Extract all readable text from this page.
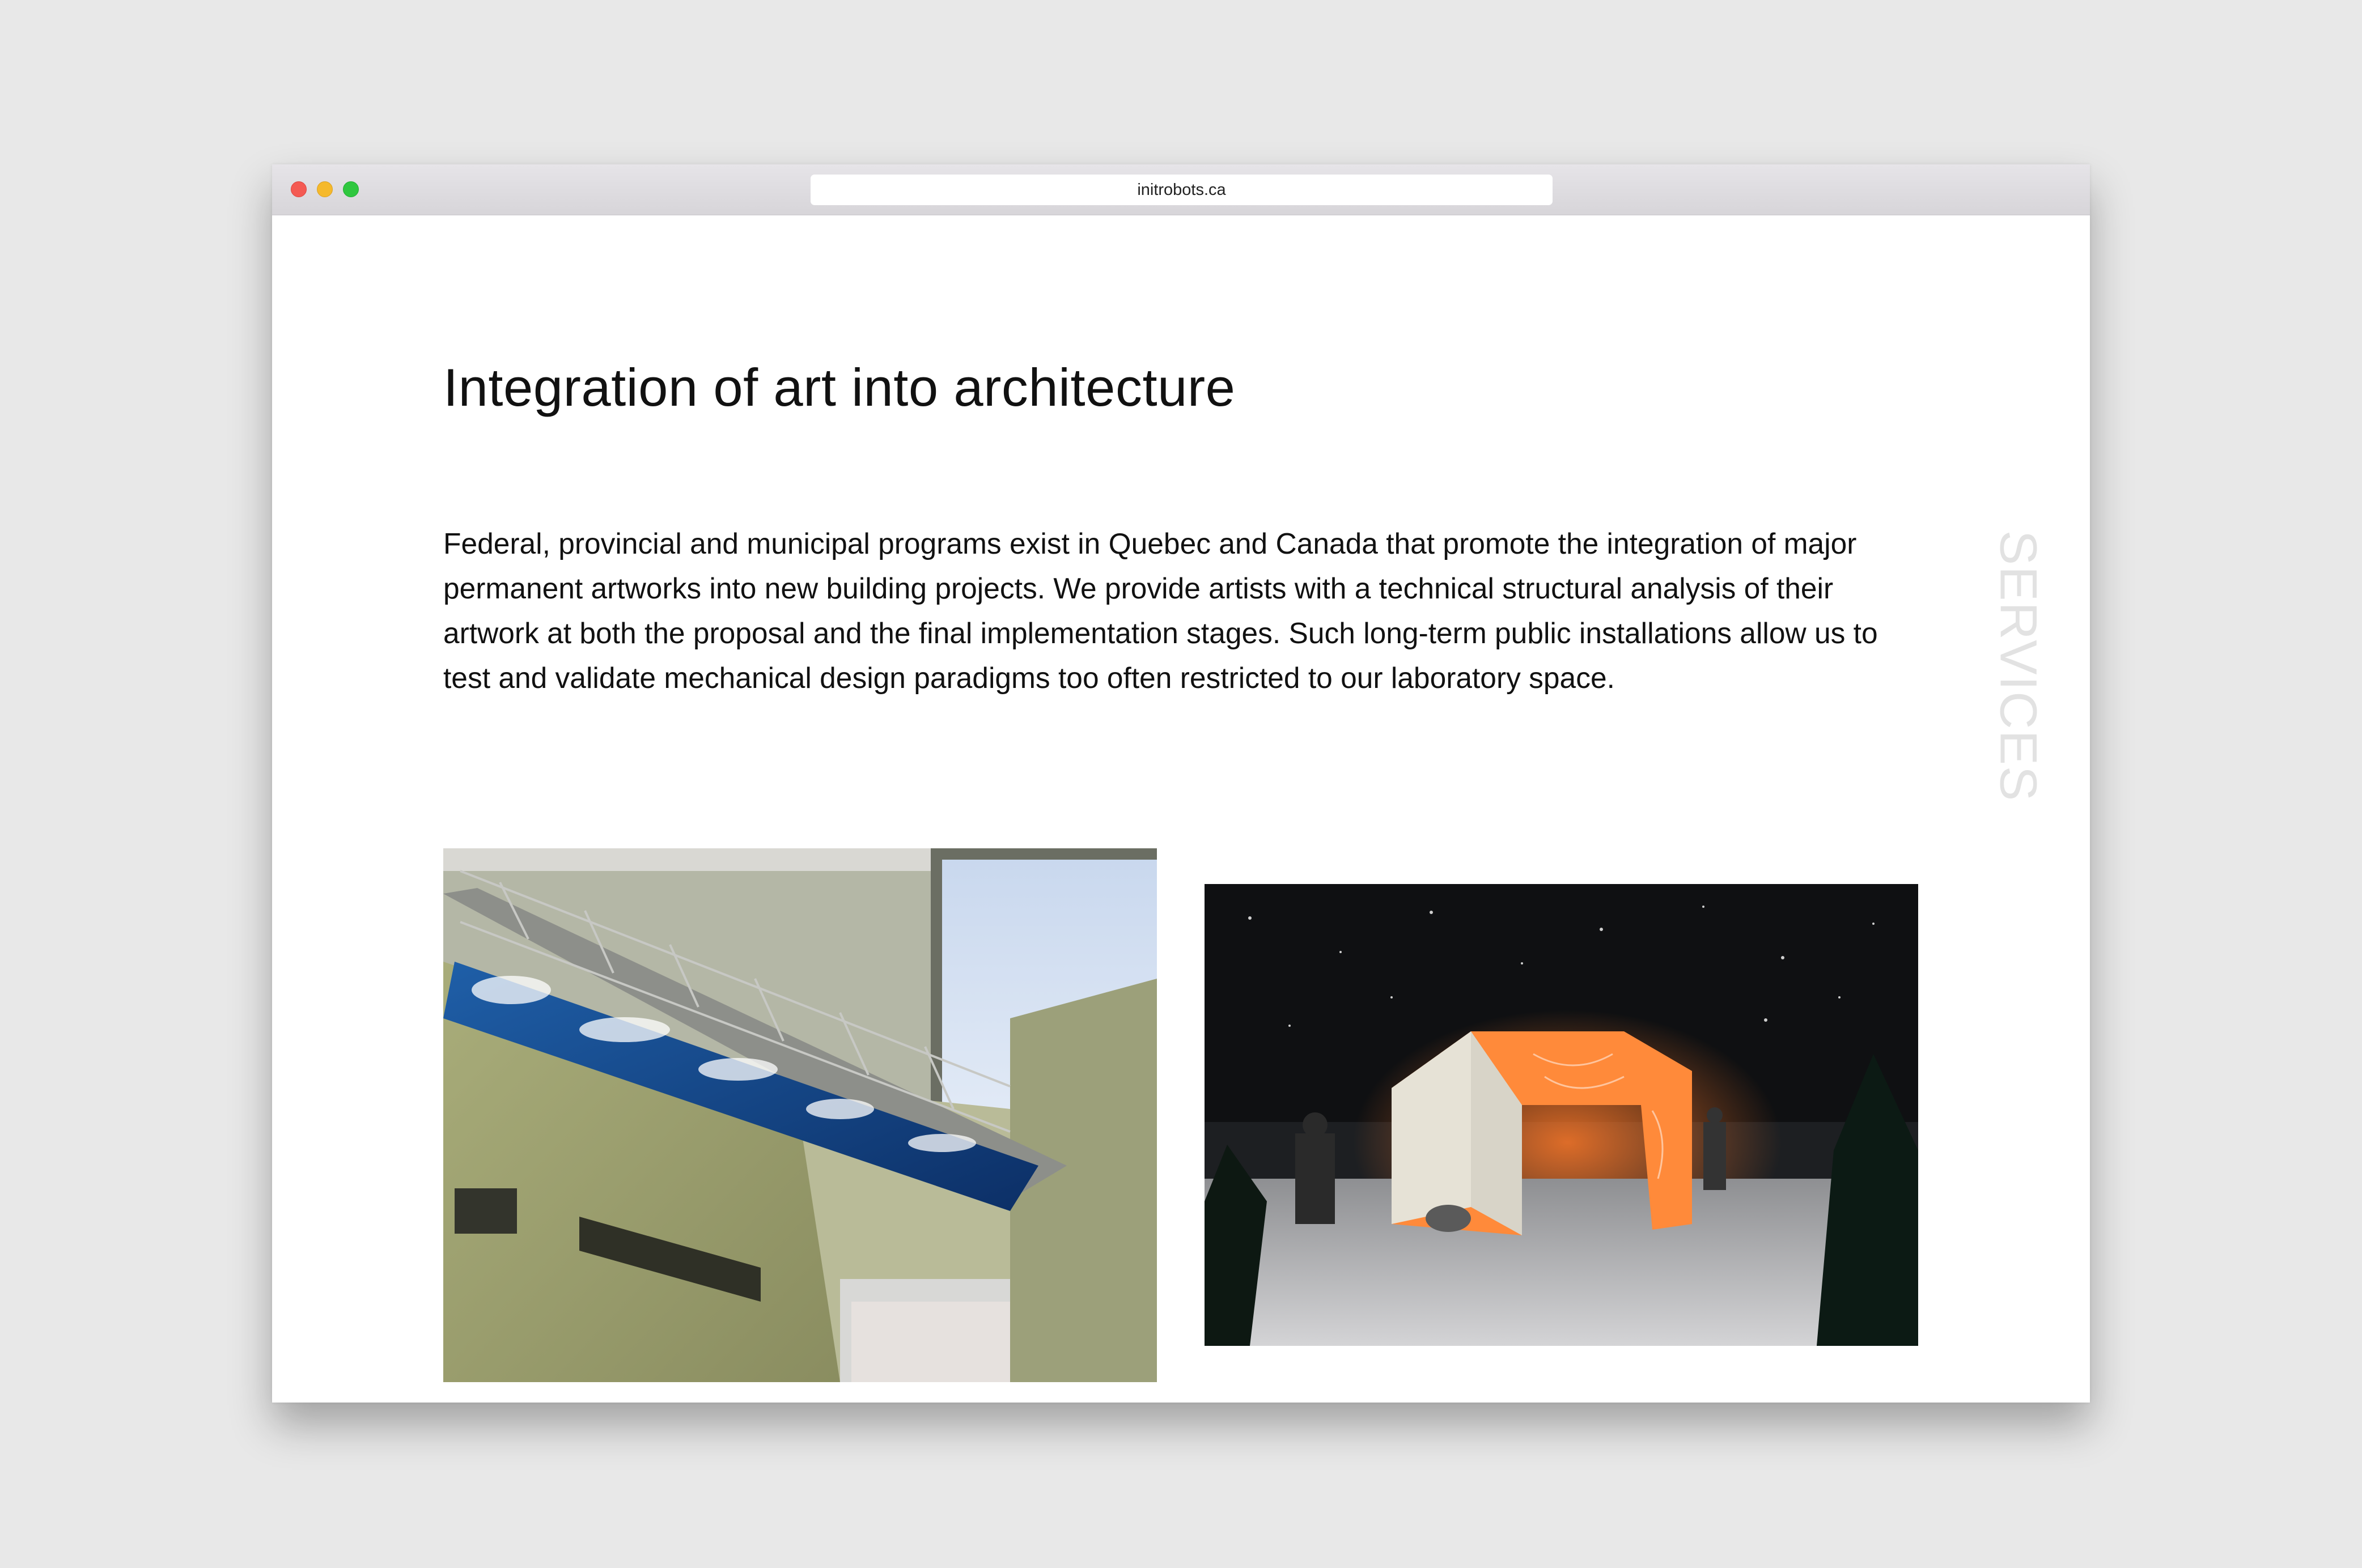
initrobots.ca
Integration of art into architecture

Federal, provincial and municipal programs exist in Quebec and Canada that promote the integration of major permanent artworks into new building projects. We provide artists with a technical structural analysis of their artwork at both the proposal and the final implementation stages. Such long-term public installations allow us to test and validate mechanical design paradigms too often restricted to our laboratory space.	SERVICES
